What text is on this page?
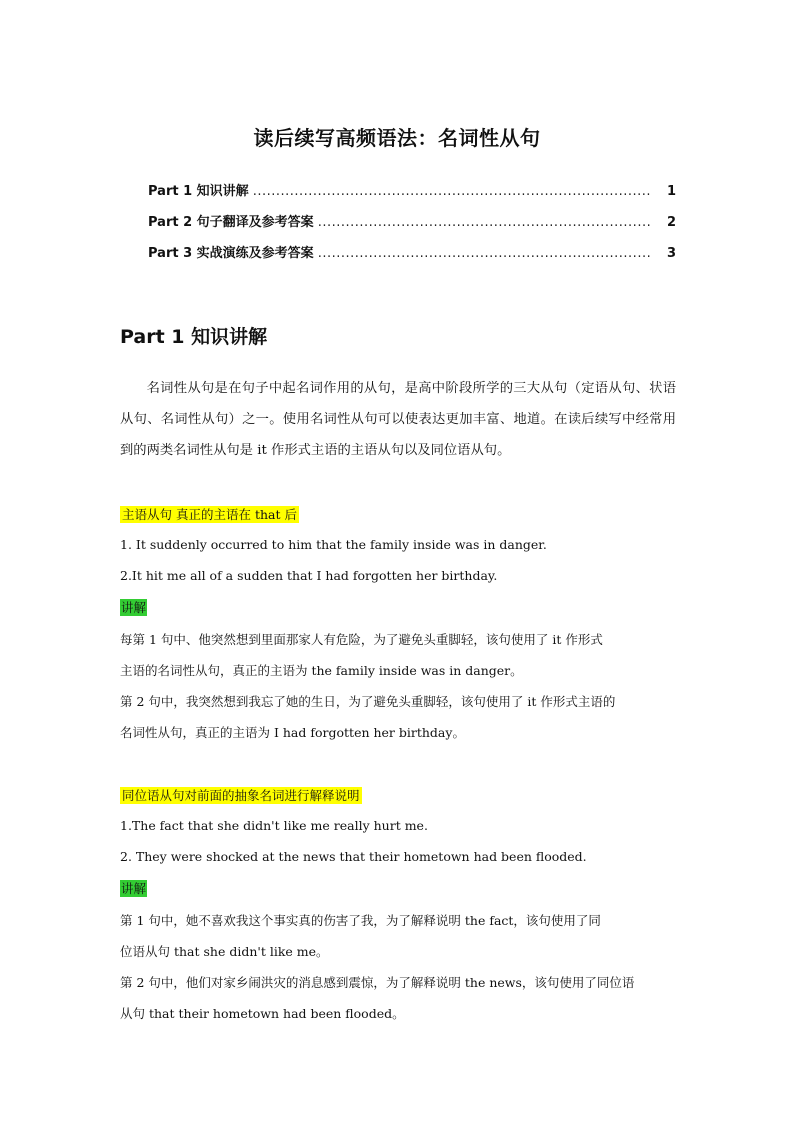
读后续写高频语法：名词性从句
Part 1 知识讲解 .....	1
Part 2 句子翻译及参考答案 .....	2
Part 3 实战演练及参考答案 .....	3
Part 1 知识讲解
名词性从句是在句子中起名词作用的从句，是高中阶段所学的三大从句（定语从句、状语从句、名词性从句）之一。使用名词性从句可以使表达更加丰富、地道。在读后续写中经常用到的两类名词性从句是 it 作形式主语的主语从句以及同位语从句。
主语从句 真正的主语在 that 后
1. It suddenly occurred to him that the family inside was in danger.
2.It hit me all of a sudden that I had forgotten her birthday.
讲解
每第 1 句中、他突然想到里面那家人有危险，为了避免头重脚轻，该句使用了 it 作形式
主语的名词性从句，真正的主语为 the family inside was in danger。
第 2 句中，我突然想到我忘了她的生日，为了避免头重脚轻，该句使用了 it 作形式主语的
名词性从句，真正的主语为 I had forgotten her birthday。
同位语从句对前面的抽象名词进行解释说明
1.The fact that she didn't like me really hurt me.
2. They were shocked at the news that their hometown had been flooded.
讲解
第 1 句中，她不喜欢我这个事实真的伤害了我，为了解释说明 the fact，该句使用了同
位语从句 that she didn't like me。
第 2 句中，他们对家乡闹洪灾的消息感到震惊，为了解释说明 the news，该句使用了同位语
从句 that their hometown had been flooded。
